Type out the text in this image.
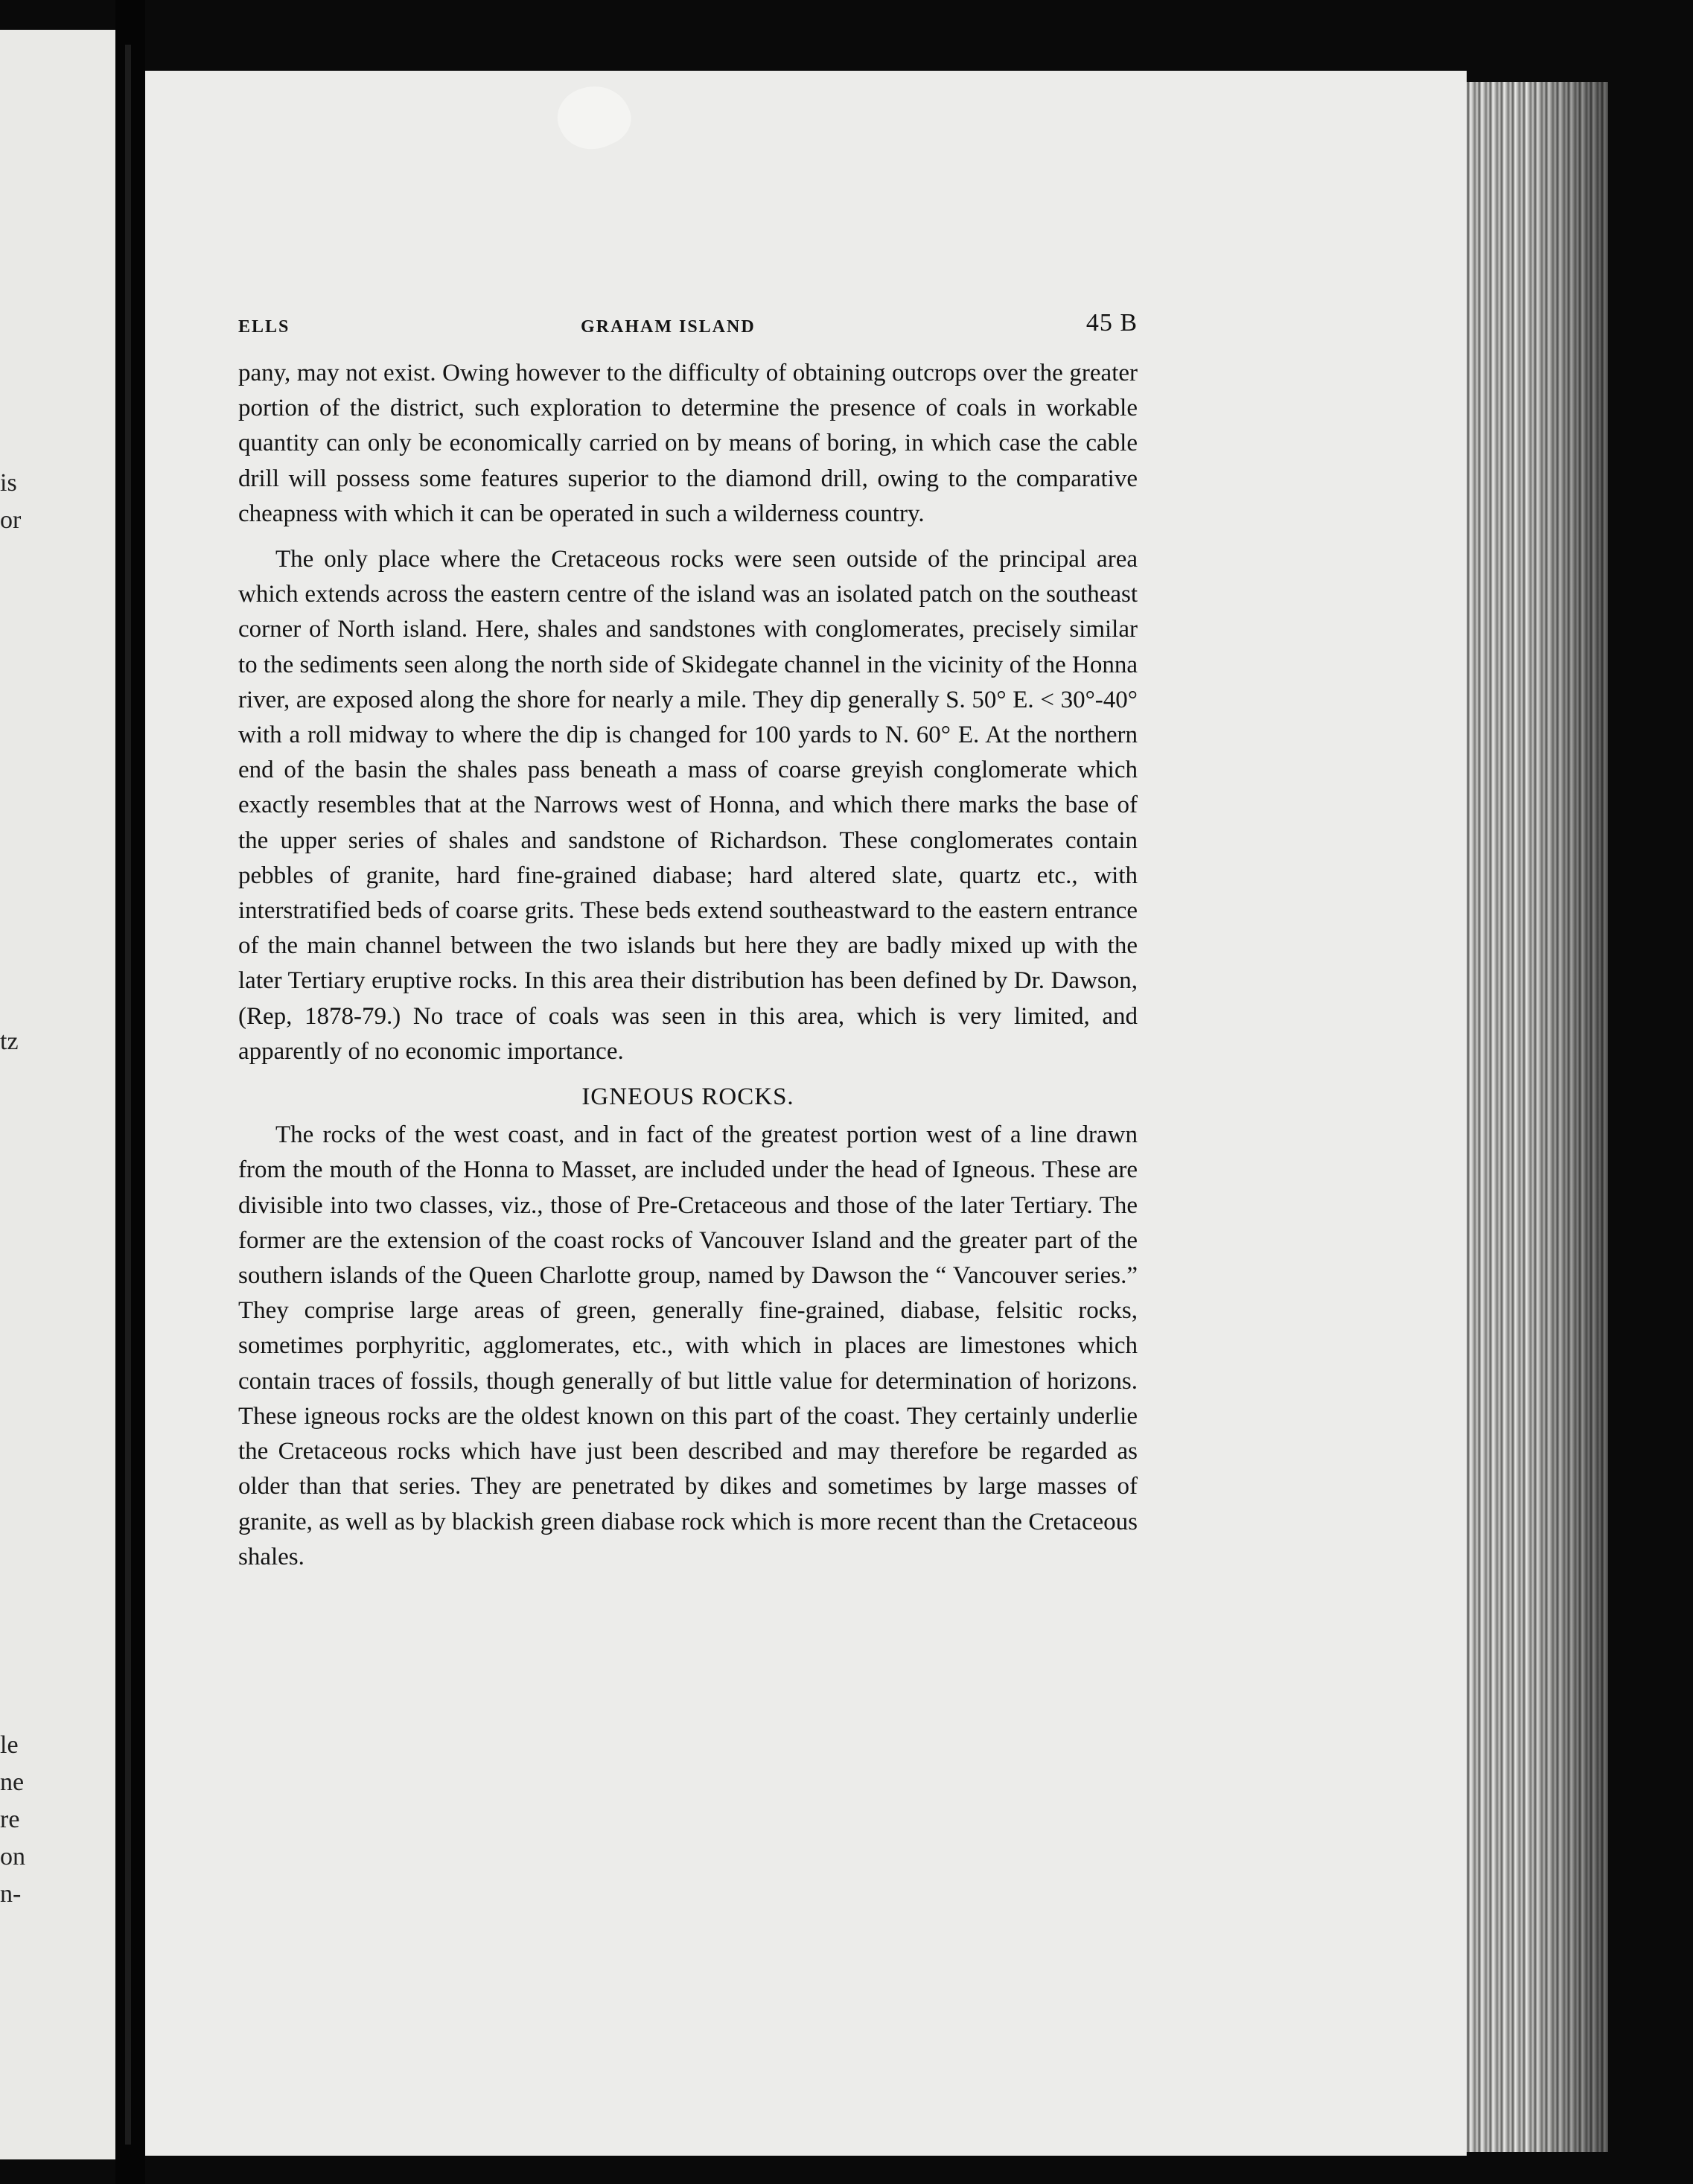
is
or
tz
le
ne
re
on
n-
ELLS	GRAHAM ISLAND	45 B

pany, may not exist. Owing however to the difficulty of obtaining outcrops over the greater portion of the district, such exploration to determine the presence of coals in workable quantity can only be economically carried on by means of boring, in which case the cable drill will possess some features superior to the diamond drill, owing to the comparative cheapness with which it can be operated in such a wilderness country.

The only place where the Cretaceous rocks were seen outside of the principal area which extends across the eastern centre of the island was an isolated patch on the southeast corner of North island. Here, shales and sandstones with conglomerates, precisely similar to the sediments seen along the north side of Skidegate channel in the vicinity of the Honna river, are exposed along the shore for nearly a mile. They dip generally S. 50° E. < 30°-40° with a roll midway to where the dip is changed for 100 yards to N. 60° E. At the northern end of the basin the shales pass beneath a mass of coarse greyish conglomerate which exactly resembles that at the Narrows west of Honna, and which there marks the base of the upper series of shales and sandstone of Richardson. These conglomerates contain pebbles of granite, hard fine-grained diabase; hard altered slate, quartz etc., with interstratified beds of coarse grits. These beds extend southeastward to the eastern entrance of the main channel between the two islands but here they are badly mixed up with the later Tertiary eruptive rocks. In this area their distribution has been defined by Dr. Dawson, (Rep, 1878-79.) No trace of coals was seen in this area, which is very limited, and apparently of no economic importance.

IGNEOUS ROCKS.

The rocks of the west coast, and in fact of the greatest portion west of a line drawn from the mouth of the Honna to Masset, are included under the head of Igneous. These are divisible into two classes, viz., those of Pre-Cretaceous and those of the later Tertiary. The former are the extension of the coast rocks of Vancouver Island and the greater part of the southern islands of the Queen Charlotte group, named by Dawson the “ Vancouver series.” They comprise large areas of green, generally fine-grained, diabase, felsitic rocks, sometimes porphyritic, agglomerates, etc., with which in places are limestones which contain traces of fossils, though generally of but little value for determination of horizons. These igneous rocks are the oldest known on this part of the coast. They certainly underlie the Cretaceous rocks which have just been described and may therefore be regarded as older than that series. They are penetrated by dikes and sometimes by large masses of granite, as well as by blackish green diabase rock which is more recent than the Cretaceous shales.
